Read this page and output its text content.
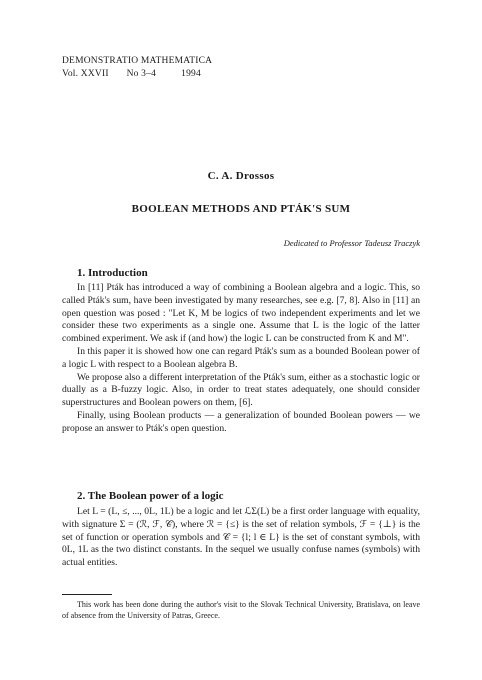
DEMONSTRATIO MATHEMATICA
Vol. XXVII No 3–4	1994
C. A. Drossos
BOOLEAN METHODS AND PTÁK'S SUM
Dedicated to Professor Tadeusz Traczyk
1. Introduction

In [11] Pták has introduced a way of combining a Boolean algebra and a logic. This, so called Pták's sum, have been investigated by many researches, see e.g. [7, 8]. Also in [11] an open question was posed : "Let K, M be logics of two independent experiments and let we consider these two experiments as a single one. Assume that L is the logic of the latter combined experiment. We ask if (and how) the logic L can be constructed from K and M".

In this paper it is showed how one can regard Pták's sum as a bounded Boolean power of a logic L with respect to a Boolean algebra B.

We propose also a different interpretation of the Pták's sum, either as a stochastic logic or dually as a B-fuzzy logic. Also, in order to treat states adequately, one should consider superstructures and Boolean powers on them, [6].

Finally, using Boolean products — a generalization of bounded Boolean powers — we propose an answer to Pták's open question.

2. The Boolean power of a logic

Let L = (L, ≤, ..., 0L, 1L) be a logic and let ℒΣ(L) be a first order language with equality, with signature Σ = (ℛ, ℱ, 𝒞), where ℛ = {≤} is the set of relation symbols, ℱ = {⊥} is the set of function or operation symbols and 𝒞 = {l; l ∈ L} is the set of constant symbols, with 0L, 1L as the two distinct constants. In the sequel we usually confuse names (symbols) with actual entities.

This work has been done during the author's visit to the Slovak Technical University, Bratislava, on leave of absence from the University of Patras, Greece.
